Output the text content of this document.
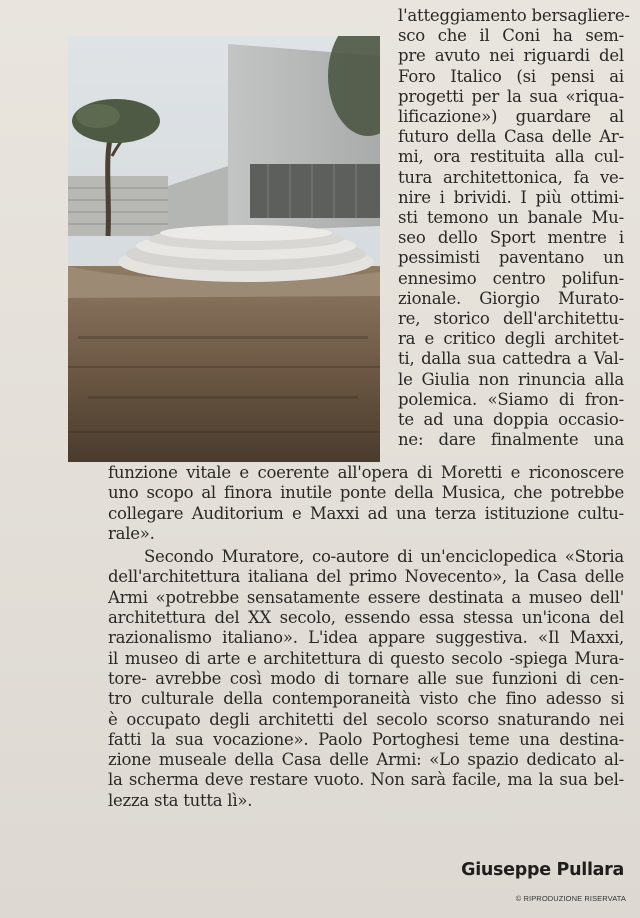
l'atteggiamento bersagliere-
sco che il Coni ha sem-
pre avuto nei riguardi del
Foro Italico (si pensi ai
progetti per la sua «riqua-
lificazione») guardare al
futuro della Casa delle Ar-
mi, ora restituita alla cul-
tura architettonica, fa ve-
nire i brividi. I più ottimi-
sti temono un banale Mu-
seo dello Sport mentre i
pessimisti paventano un
ennesimo centro polifun-
zionale. Giorgio Murato-
re, storico dell'architettu-
ra e critico degli architet-
ti, dalla sua cattedra a Val-
le Giulia non rinuncia alla
polemica. «Siamo di fron-
te ad una doppia occasio-
ne: dare finalmente una
funzione vitale e coerente all'opera di Moretti e riconoscere
uno scopo al finora inutile ponte della Musica, che potrebbe
collegare Auditorium e Maxxi ad una terza istituzione cultu-
rale».
Secondo Muratore, co-autore di un'enciclopedica «Storia
dell'architettura italiana del primo Novecento», la Casa delle
Armi «potrebbe sensatamente essere destinata a museo dell'
architettura del XX secolo, essendo essa stessa un'icona del
razionalismo italiano». L'idea appare suggestiva. «Il Maxxi,
il museo di arte e architettura di questo secolo -spiega Mura-
tore- avrebbe così modo di tornare alle sue funzioni di cen-
tro culturale della contemporaneità visto che fino adesso si
è occupato degli architetti del secolo scorso snaturando nei
fatti la sua vocazione». Paolo Portoghesi teme una destina-
zione museale della Casa delle Armi: «Lo spazio dedicato al-
la scherma deve restare vuoto. Non sarà facile, ma la sua bel-
lezza sta tutta lì».
Giuseppe Pullara
© RIPRODUZIONE RISERVATA
